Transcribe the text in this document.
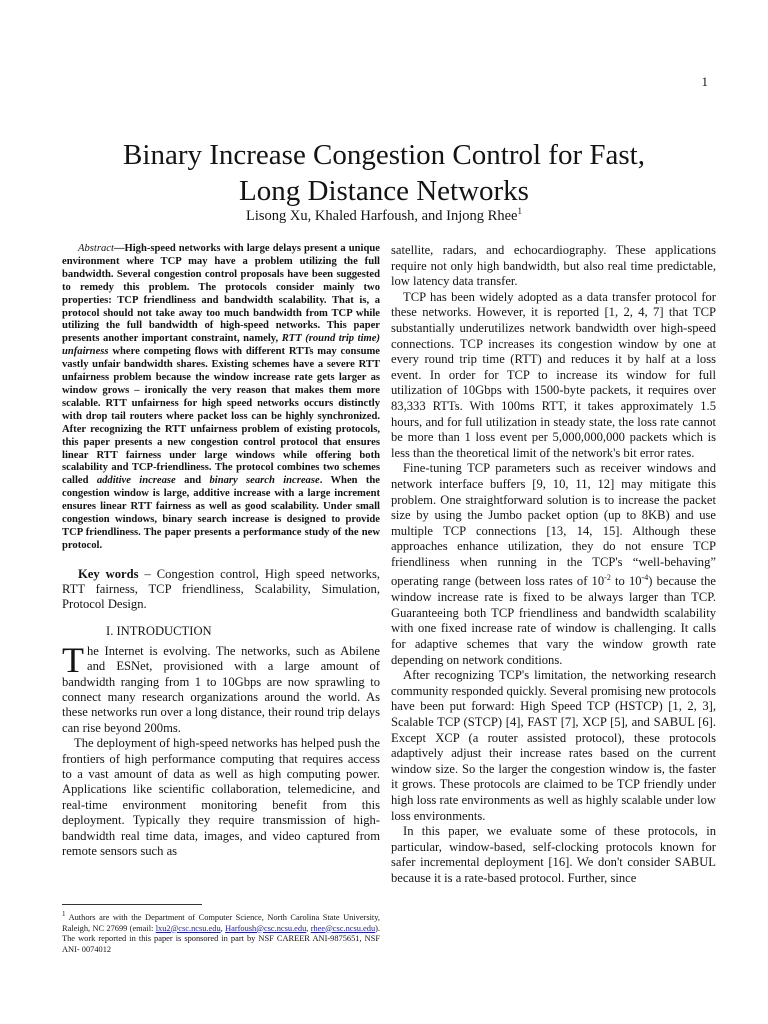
1
Binary Increase Congestion Control for Fast,
Long Distance Networks
Lisong Xu, Khaled Harfoush, and Injong Rhee$^1$

Abstract—High-speed networks with large delays present a unique environment where TCP may have a problem utilizing the full bandwidth. Several congestion control proposals have been suggested to remedy this problem. The protocols consider mainly two properties: TCP friendliness and bandwidth scalability. That is, a protocol should not take away too much bandwidth from TCP while utilizing the full bandwidth of high-speed networks. This paper presents another important constraint, namely, RTT (round trip time) unfairness where competing flows with different RTTs may consume vastly unfair bandwidth shares. Existing schemes have a severe RTT unfairness problem because the window increase rate gets larger as window grows – ironically the very reason that makes them more scalable. RTT unfairness for high speed networks occurs distinctly with drop tail routers where packet loss can be highly synchronized. After recognizing the RTT unfairness problem of existing protocols, this paper presents a new congestion control protocol that ensures linear RTT fairness under large windows while offering both scalability and TCP-friendliness. The protocol combines two schemes called additive increase and binary search increase. When the congestion window is large, additive increase with a large increment ensures linear RTT fairness as well as good scalability. Under small congestion windows, binary search increase is designed to provide TCP friendliness. The paper presents a performance study of the new protocol.

Key words – Congestion control, High speed networks, RTT fairness, TCP friendliness, Scalability, Simulation, Protocol Design.

I. INTRODUCTION

The Internet is evolving. The networks, such as Abilene and ESNet, provisioned with a large amount of bandwidth ranging from 1 to 10Gbps are now sprawling to connect many research organizations around the world. As these networks run over a long distance, their round trip delays can rise beyond 200ms.

The deployment of high-speed networks has helped push the frontiers of high performance computing that requires access to a vast amount of data as well as high computing power. Applications like scientific collaboration, telemedicine, and real-time environment monitoring benefit from this deployment. Typically they require transmission of high-bandwidth real time data, images, and video captured from remote sensors such as

satellite, radars, and echocardiography. These applications require not only high bandwidth, but also real time predictable, low latency data transfer.

TCP has been widely adopted as a data transfer protocol for these networks. However, it is reported [1, 2, 4, 7] that TCP substantially underutilizes network bandwidth over high-speed connections. TCP increases its congestion window by one at every round trip time (RTT) and reduces it by half at a loss event. In order for TCP to increase its window for full utilization of 10Gbps with 1500-byte packets, it requires over 83,333 RTTs. With 100ms RTT, it takes approximately 1.5 hours, and for full utilization in steady state, the loss rate cannot be more than 1 loss event per 5,000,000,000 packets which is less than the theoretical limit of the network's bit error rates.

Fine-tuning TCP parameters such as receiver windows and network interface buffers [9, 10, 11, 12] may mitigate this problem. One straightforward solution is to increase the packet size by using the Jumbo packet option (up to 8KB) and use multiple TCP connections [13, 14, 15]. Although these approaches enhance utilization, they do not ensure TCP friendliness when running in the TCP's “well-behaving” operating range (between loss rates of $10^{-2}$ to $10^{-4}$) because the window increase rate is fixed to be always larger than TCP. Guaranteeing both TCP friendliness and bandwidth scalability with one fixed increase rate of window is challenging. It calls for adaptive schemes that vary the window growth rate depending on network conditions.

After recognizing TCP's limitation, the networking research community responded quickly. Several promising new protocols have been put forward: High Speed TCP (HSTCP) [1, 2, 3], Scalable TCP (STCP) [4], FAST [7], XCP [5], and SABUL [6]. Except XCP (a router assisted protocol), these protocols adaptively adjust their increase rates based on the current window size. So the larger the congestion window is, the faster it grows. These protocols are claimed to be TCP friendly under high loss rate environments as well as highly scalable under low loss environments.

In this paper, we evaluate some of these protocols, in particular, window-based, self-clocking protocols known for safer incremental deployment [16]. We don't consider SABUL because it is a rate-based protocol. Further, since

$^1$ Authors are with the Department of Computer Science, North Carolina State University, Raleigh, NC 27699 (email: lxu2@csc.ncsu.edu, Harfoush@csc.ncsu.edu, rhee@csc.ncsu.edu). The work reported in this paper is sponsored in part by NSF CAREER ANI-9875651, NSF ANI- 0074012
